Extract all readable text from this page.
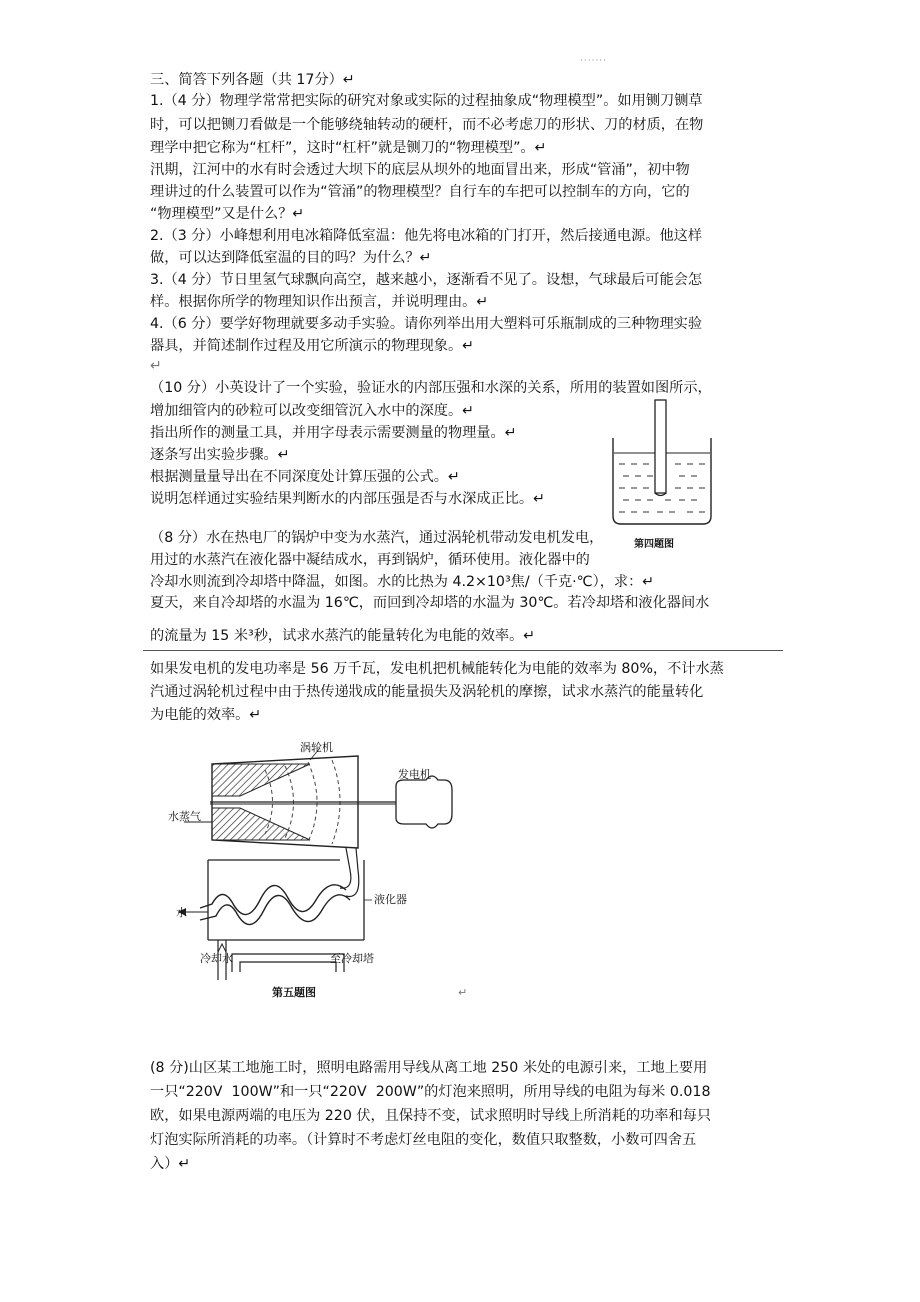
·······
三、简答下列各题（共 17分）↵
1.（4 分）物理学常常把实际的研究对象或实际的过程抽象成“物理模型”。如用铡刀铡草
时，可以把铡刀看做是一个能够绕轴转动的硬杆，而不必考虑刀的形状、刀的材质，在物
理学中把它称为“杠杆”，这时“杠杆”就是铡刀的“物理模型”。↵
汛期，江河中的水有时会透过大坝下的底层从坝外的地面冒出来，形成“管涌”，初中物
理讲过的什么装置可以作为“管涌”的物理模型？自行车的车把可以控制车的方向，它的
“物理模型”又是什么？↵
2.（3 分）小峰想利用电冰箱降低室温：他先将电冰箱的门打开，然后接通电源。他这样
做，可以达到降低室温的目的吗？为什么？↵
3.（4 分）节日里氢气球飘向高空，越来越小，逐渐看不见了。设想，气球最后可能会怎
样。根据你所学的物理知识作出预言，并说明理由。↵
4.（6 分）要学好物理就要多动手实验。请你列举出用大塑料可乐瓶制成的三种物理实验
器具，并简述制作过程及用它所演示的物理现象。↵
↵
（10 分）小英设计了一个实验，验证水的内部压强和水深的关系，所用的装置如图所示，
增加细管内的砂粒可以改变细管沉入水中的深度。↵
指出所作的测量工具，并用字母表示需要测量的物理量。↵
逐条写出实验步骤。↵
根据测量量导出在不同深度处计算压强的公式。↵
说明怎样通过实验结果判断水的内部压强是否与水深成正比。↵
第四题图
（8 分）水在热电厂的锅炉中变为水蒸汽，通过涡轮机带动发电机发电，
用过的水蒸汽在液化器中凝结成水，再到锅炉，循环使用。液化器中的
冷却水则流到冷却塔中降温，如图。水的比热为 4.2×10³焦/（千克·℃），求：↵
夏天，来自冷却塔的水温为 16℃，而回到冷却塔的水温为 30℃。若冷却塔和液化器间水
的流量为 15 米³秒，试求水蒸汽的能量转化为电能的效率。↵
如果发电机的发电功率是 56 万千瓦，发电机把机械能转化为电能的效率为 80%，不计水蒸
汽通过涡轮机过程中由于热传递戕成的能量损失及涡轮机的摩擦，试求水蒸汽的能量转化
为电能的效率。↵
涡轮机
发电机
水蒸气
水
液化器
冷却水	至冷却塔
第五题图	↵
(8 分)山区某工地施工时，照明电路需用导线从离工地 250 米处的电源引来，工地上要用
一只“220V  100W”和一只“220V  200W”的灯泡来照明，所用导线的电阻为每米 0.018
欧，如果电源两端的电压为 220 伏，且保持不变，试求照明时导线上所消耗的功率和每只
灯泡实际所消耗的功率。（计算时不考虑灯丝电阻的变化，数值只取整数，小数可四舍五
入）↵
